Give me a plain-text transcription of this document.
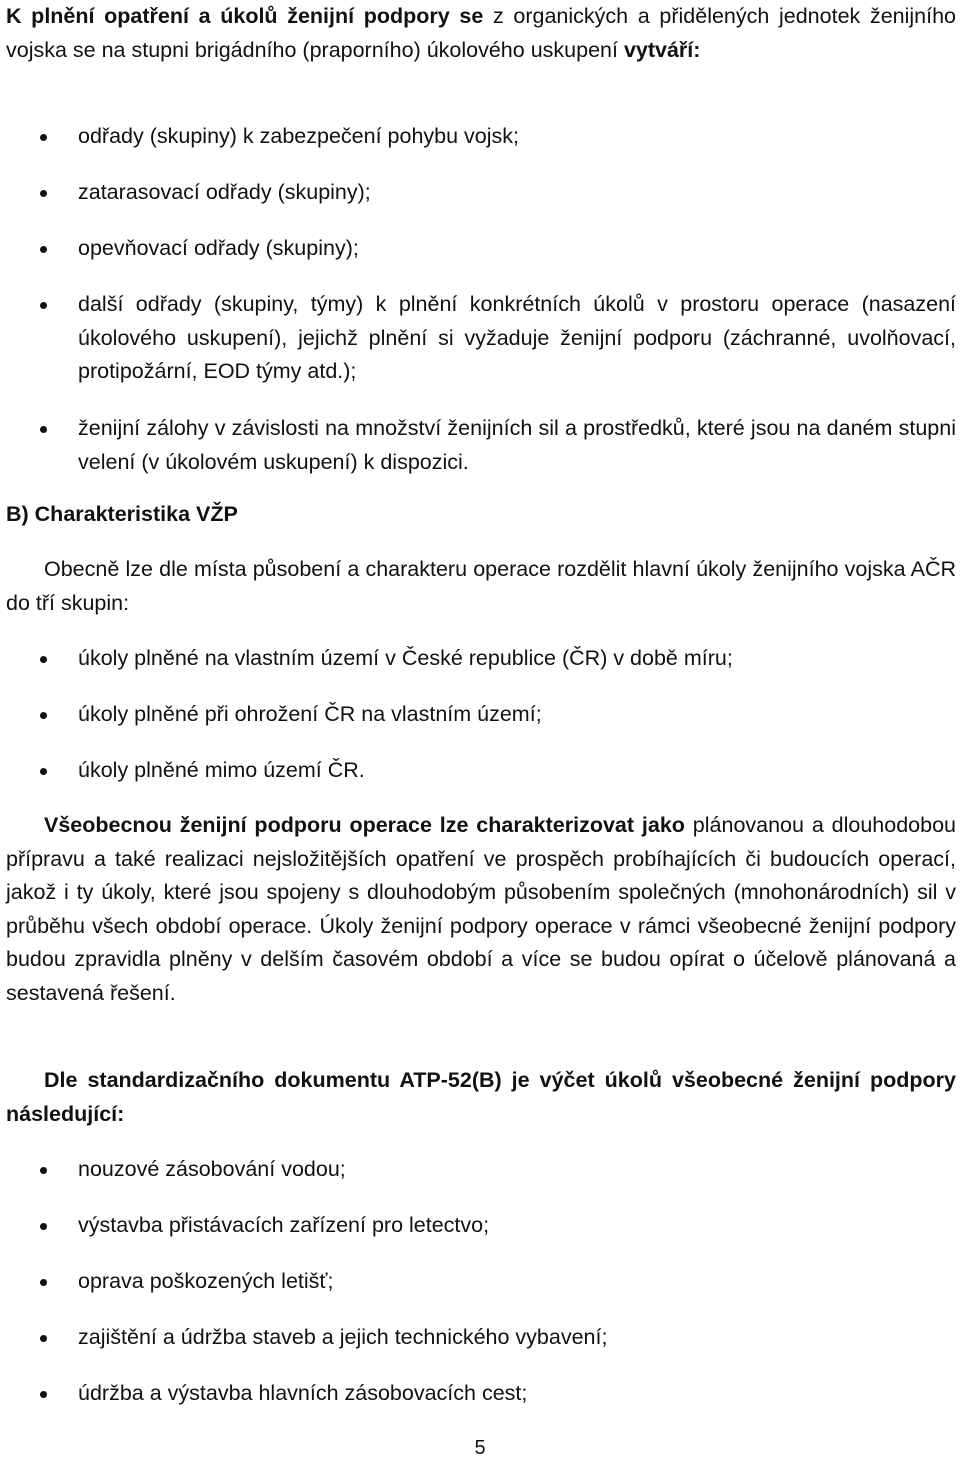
K plnění opatření a úkolů ženijní podpory se z organických a přidělených jednotek ženijního vojska se na stupni brigádního (praporního) úkolového uskupení vytváří:

odřady (skupiny) k zabezpečení pohybu vojsk;
zatarasovací odřady (skupiny);
opevňovací odřady (skupiny);
další odřady (skupiny, týmy) k plnění konkrétních úkolů v prostoru operace (nasazení úkolového uskupení), jejichž plnění si vyžaduje ženijní podporu (záchranné, uvolňovací, protipožární, EOD týmy atd.);
ženijní zálohy v závislosti na množství ženijních sil a prostředků, které jsou na daném stupni velení (v úkolovém uskupení) k dispozici.

B) Charakteristika VŽP

Obecně lze dle místa působení a charakteru operace rozdělit hlavní úkoly ženijního vojska AČR do tří skupin:

úkoly plněné na vlastním území v České republice (ČR) v době míru;
úkoly plněné při ohrožení ČR na vlastním území;
úkoly plněné mimo území ČR.

Všeobecnou ženijní podporu operace lze charakterizovat jako plánovanou a dlouhodobou přípravu a také realizaci nejsložitějších opatření ve prospěch probíhajících či budoucích operací, jakož i ty úkoly, které jsou spojeny s dlouhodobým působením společných (mnohonárodních) sil v průběhu všech období operace. Úkoly ženijní podpory operace v rámci všeobecné ženijní podpory budou zpravidla plněny v delším časovém období a více se budou opírat o účelově plánovaná a sestavená řešení.

Dle standardizačního dokumentu ATP-52(B) je výčet úkolů všeobecné ženijní podpory následující:

nouzové zásobování vodou;
výstavba přistávacích zařízení pro letectvo;
oprava poškozených letišť;
zajištění a údržba staveb a jejich technického vybavení;
údržba a výstavba hlavních zásobovacích cest;
5
